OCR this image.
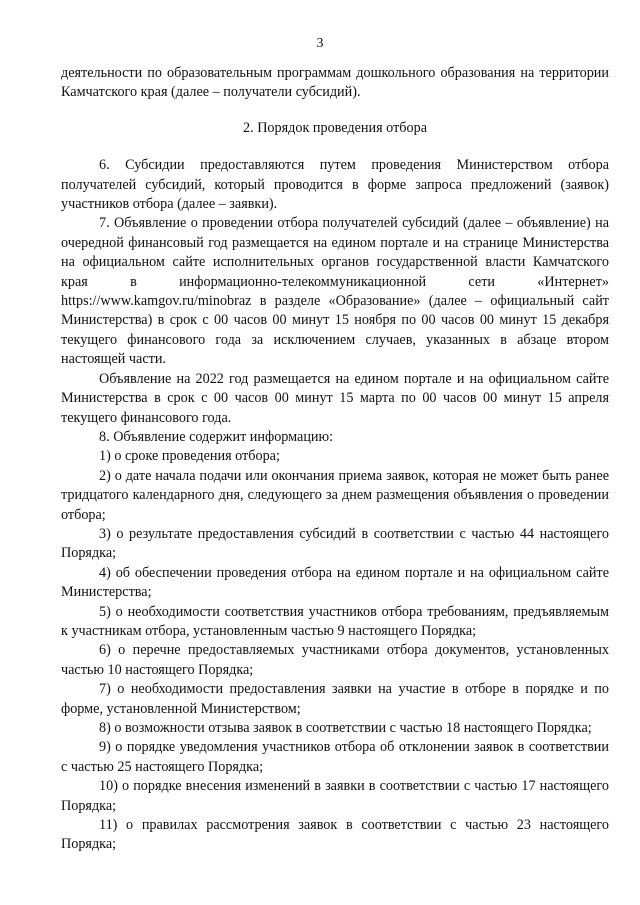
3

деятельности по образовательным программам дошкольного образования на территории Камчатского края (далее – получатели субсидий).

2. Порядок проведения отбора

6. Субсидии предоставляются путем проведения Министерством отбора получателей субсидий, который проводится в форме запроса предложений (заявок) участников отбора (далее – заявки).

7. Объявление о проведении отбора получателей субсидий (далее – объявление) на очередной финансовый год размещается на едином портале и на странице Министерства на официальном сайте исполнительных органов государственной власти Камчатского края в информационно-телекоммуникационной сети «Интернет» https://www.kamgov.ru/minobraz в разделе «Образование» (далее – официальный сайт Министерства) в срок с 00 часов 00 минут 15 ноября по 00 часов 00 минут 15 декабря текущего финансового года за исключением случаев, указанных в абзаце втором настоящей части.

Объявление на 2022 год размещается на едином портале и на официальном сайте Министерства в срок с 00 часов 00 минут 15 марта по 00 часов 00 минут 15 апреля текущего финансового года.

8. Объявление содержит информацию:

1) о сроке проведения отбора;

2) о дате начала подачи или окончания приема заявок, которая не может быть ранее тридцатого календарного дня, следующего за днем размещения объявления о проведении отбора;

3) о результате предоставления субсидий в соответствии с частью 44 настоящего Порядка;

4) об обеспечении проведения отбора на едином портале и на официальном сайте Министерства;

5) о необходимости соответствия участников отбора требованиям, предъявляемым к участникам отбора, установленным частью 9 настоящего Порядка;

6) о перечне предоставляемых участниками отбора документов, установленных частью 10 настоящего Порядка;

7) о необходимости предоставления заявки на участие в отборе в порядке и по форме, установленной Министерством;

8) о возможности отзыва заявок в соответствии с частью 18 настоящего Порядка;

9) о порядке уведомления участников отбора об отклонении заявок в соответствии с частью 25 настоящего Порядка;

10) о порядке внесения изменений в заявки в соответствии с частью 17 настоящего Порядка;

11) о правилах рассмотрения заявок в соответствии с частью 23 настоящего Порядка;
